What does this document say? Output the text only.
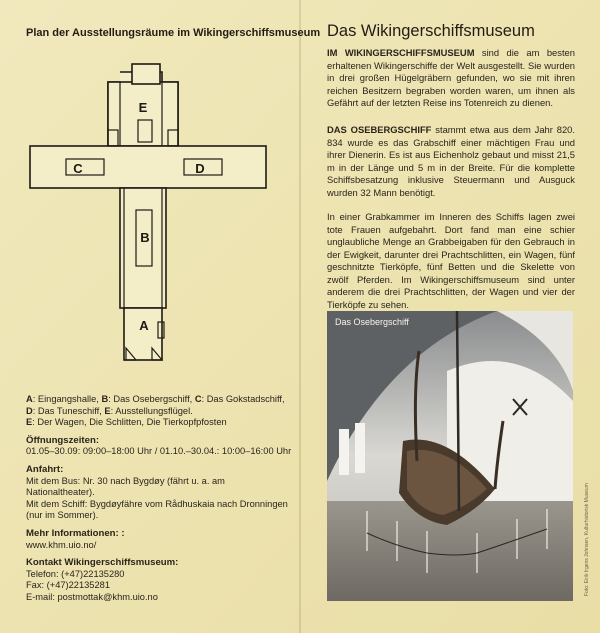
Plan der Ausstellungsräume im Wikingerschiffsmuseum
E
C	D
B
A
A: Eingangshalle, B: Das Osebergschiff, C: Das Gokstadschiff,
D: Das Tuneschiff, E: Ausstellungsflügel.
E: Der Wagen, Die Schlitten, Die Tierkopfpfosten
Öffnungszeiten:
01.05–30.09: 09:00–18:00 Uhr / 01.10.–30.04.: 10:00–16:00 Uhr
Anfahrt:
Mit dem Bus: Nr. 30 nach Bygdøy (fährt u. a. am Nationaltheater).
Mit dem Schiff: Bygdøyfähre vom Rådhuskaia nach Dronningen
(nur im Sommer).
Mehr Informationen: :
www.khm.uio.no/
Kontakt Wikingerschiffsmuseum:
Telefon: (+47)22135280
Fax: (+47)22135281
E-mail: postmottak@khm.uio.no
Das Wikingerschiffsmuseum
IM WIKINGERSCHIFFSMUSEUM sind die am besten erhaltenen Wikingerschiffe der Welt ausgestellt. Sie wurden in drei großen Hügelgräbern gefunden, wo sie mit ihren reichen Besitzern begraben worden waren, um ihnen als Gefährt auf der letzten Reise ins Totenreich zu dienen.
DAS OSEBERGSCHIFF stammt etwa aus dem Jahr 820. 834 wurde es das Grabschiff einer mächtigen Frau und ihrer Dienerin. Es ist aus Eichenholz gebaut und misst 21,5 m in der Länge und 5 m in der Breite. Für die komplette Schiffsbesatzung inklusive Steuermann und Ausguck wurden 32 Mann benötigt.
In einer Grabkammer im Inneren des Schiffs lagen zwei tote Frauen aufgebahrt. Dort fand man eine schier unglaubliche Menge an Grabbeigaben für den Gebrauch in der Ewigkeit, darunter drei Prachtschlitten, ein Wagen, fünf geschnitzte Tierköpfe, fünf Betten und die Skelette von zwölf Pferden. Im Wikingerschiffsmuseum sind unter anderem die drei Prachtschlitten, der Wagen und vier der Tierköpfe zu sehen.
Das Osebergschiff
Foto: Eirik Irgens Johnsen, Kulturhistorisk Museum
